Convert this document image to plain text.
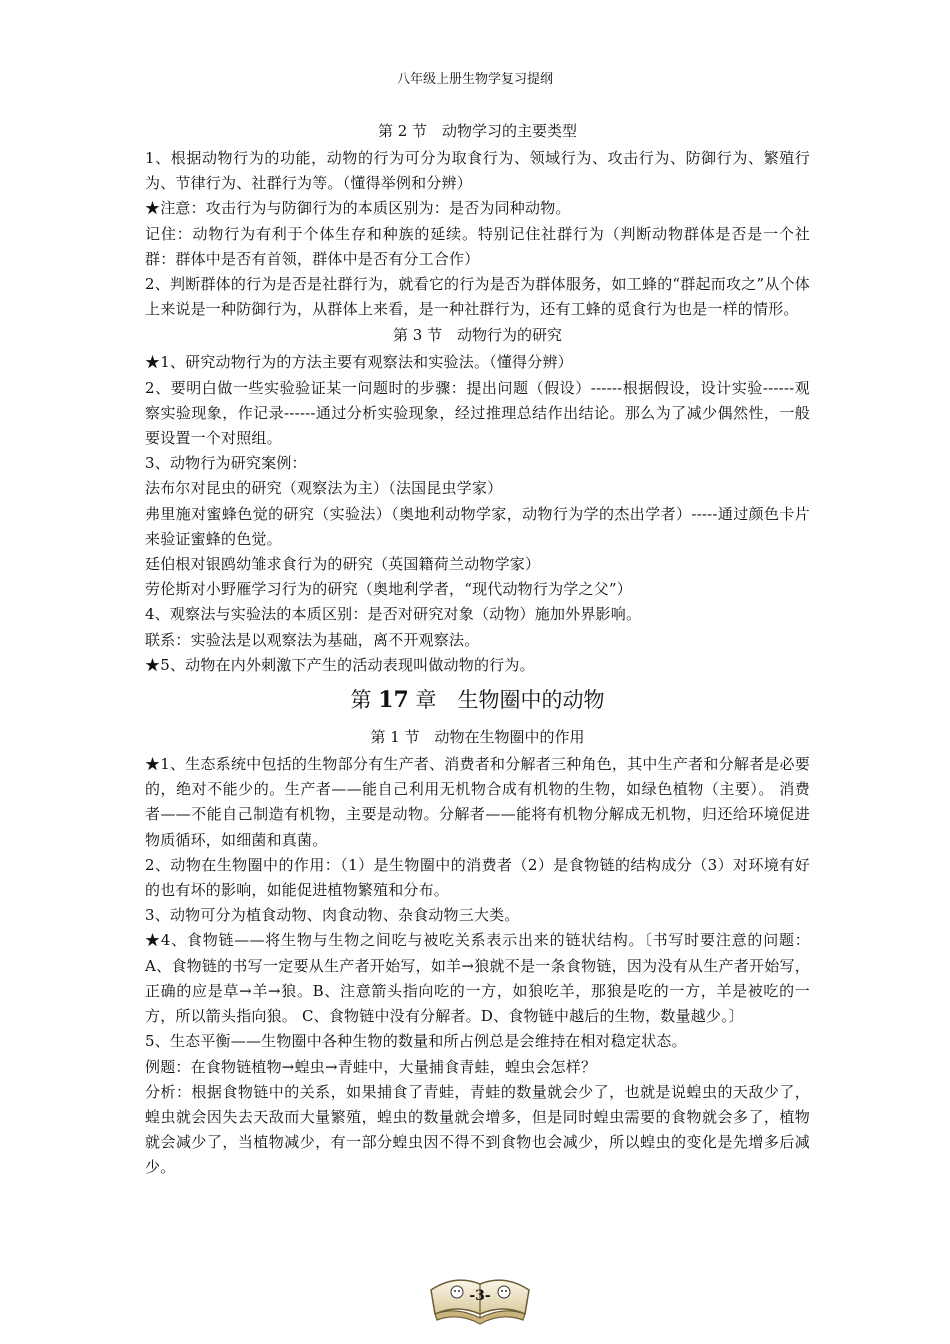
八年级上册生物学复习提纲
第 2 节　动物学习的主要类型

1、根据动物行为的功能，动物的行为可分为取食行为、领域行为、攻击行为、防御行为、繁殖行为、节律行为、社群行为等。（懂得举例和分辨）

★注意：攻击行为与防御行为的本质区别为：是否为同种动物。

记住：动物行为有利于个体生存和种族的延续。特别记住社群行为（判断动物群体是否是一个社群：群体中是否有首领，群体中是否有分工合作）

2、判断群体的行为是否是社群行为，就看它的行为是否为群体服务，如工蜂的“群起而攻之”从个体上来说是一种防御行为，从群体上来看，是一种社群行为，还有工蜂的觅食行为也是一样的情形。

第 3 节　动物行为的研究

★1、研究动物行为的方法主要有观察法和实验法。（懂得分辨）

2、要明白做一些实验验证某一问题时的步骤：提出问题（假设）------根据假设，设计实验------观察实验现象，作记录------通过分析实验现象，经过推理总结作出结论。那么为了减少偶然性，一般要设置一个对照组。

3、动物行为研究案例：

法布尔对昆虫的研究（观察法为主）（法国昆虫学家）

弗里施对蜜蜂色觉的研究（实验法）（奥地利动物学家，动物行为学的杰出学者）-----通过颜色卡片来验证蜜蜂的色觉。

廷伯根对银鸥幼雏求食行为的研究（英国籍荷兰动物学家）

劳伦斯对小野雁学习行为的研究（奥地利学者，“现代动物行为学之父”）

4、观察法与实验法的本质区别：是否对研究对象（动物）施加外界影响。

联系：实验法是以观察法为基础，离不开观察法。

★5、动物在内外刺激下产生的活动表现叫做动物的行为。

第 17 章　生物圈中的动物
第 1 节　动物在生物圈中的作用

★1、生态系统中包括的生物部分有生产者、消费者和分解者三种角色，其中生产者和分解者是必要的，绝对不能少的。生产者——能自己利用无机物合成有机物的生物，如绿色植物（主要）。 消费者——不能自己制造有机物，主要是动物。分解者——能将有机物分解成无机物，归还给环境促进物质循环，如细菌和真菌。

2、动物在生物圈中的作用：（1）是生物圈中的消费者（2）是食物链的结构成分（3）对环境有好的也有坏的影响，如能促进植物繁殖和分布。

3、动物可分为植食动物、肉食动物、杂食动物三大类。

★4、食物链——将生物与生物之间吃与被吃关系表示出来的链状结构。〔书写时要注意的问题：A、食物链的书写一定要从生产者开始写，如羊→狼就不是一条食物链，因为没有从生产者开始写，正确的应是草→羊→狼。B、注意箭头指向吃的一方，如狼吃羊，那狼是吃的一方，羊是被吃的一方，所以箭头指向狼。 C、食物链中没有分解者。D、食物链中越后的生物，数量越少。〕

5、生态平衡——生物圈中各种生物的数量和所占例总是会维持在相对稳定状态。

例题：在食物链植物→蝗虫→青蛙中，大量捕食青蛙，蝗虫会怎样？

分析：根据食物链中的关系，如果捕食了青蛙，青蛙的数量就会少了，也就是说蝗虫的天敌少了，蝗虫就会因失去天敌而大量繁殖，蝗虫的数量就会增多，但是同时蝗虫需要的食物就会多了，植物就会减少了，当植物减少，有一部分蝗虫因不得不到食物也会减少，所以蝗虫的变化是先增多后减少。

-3-
